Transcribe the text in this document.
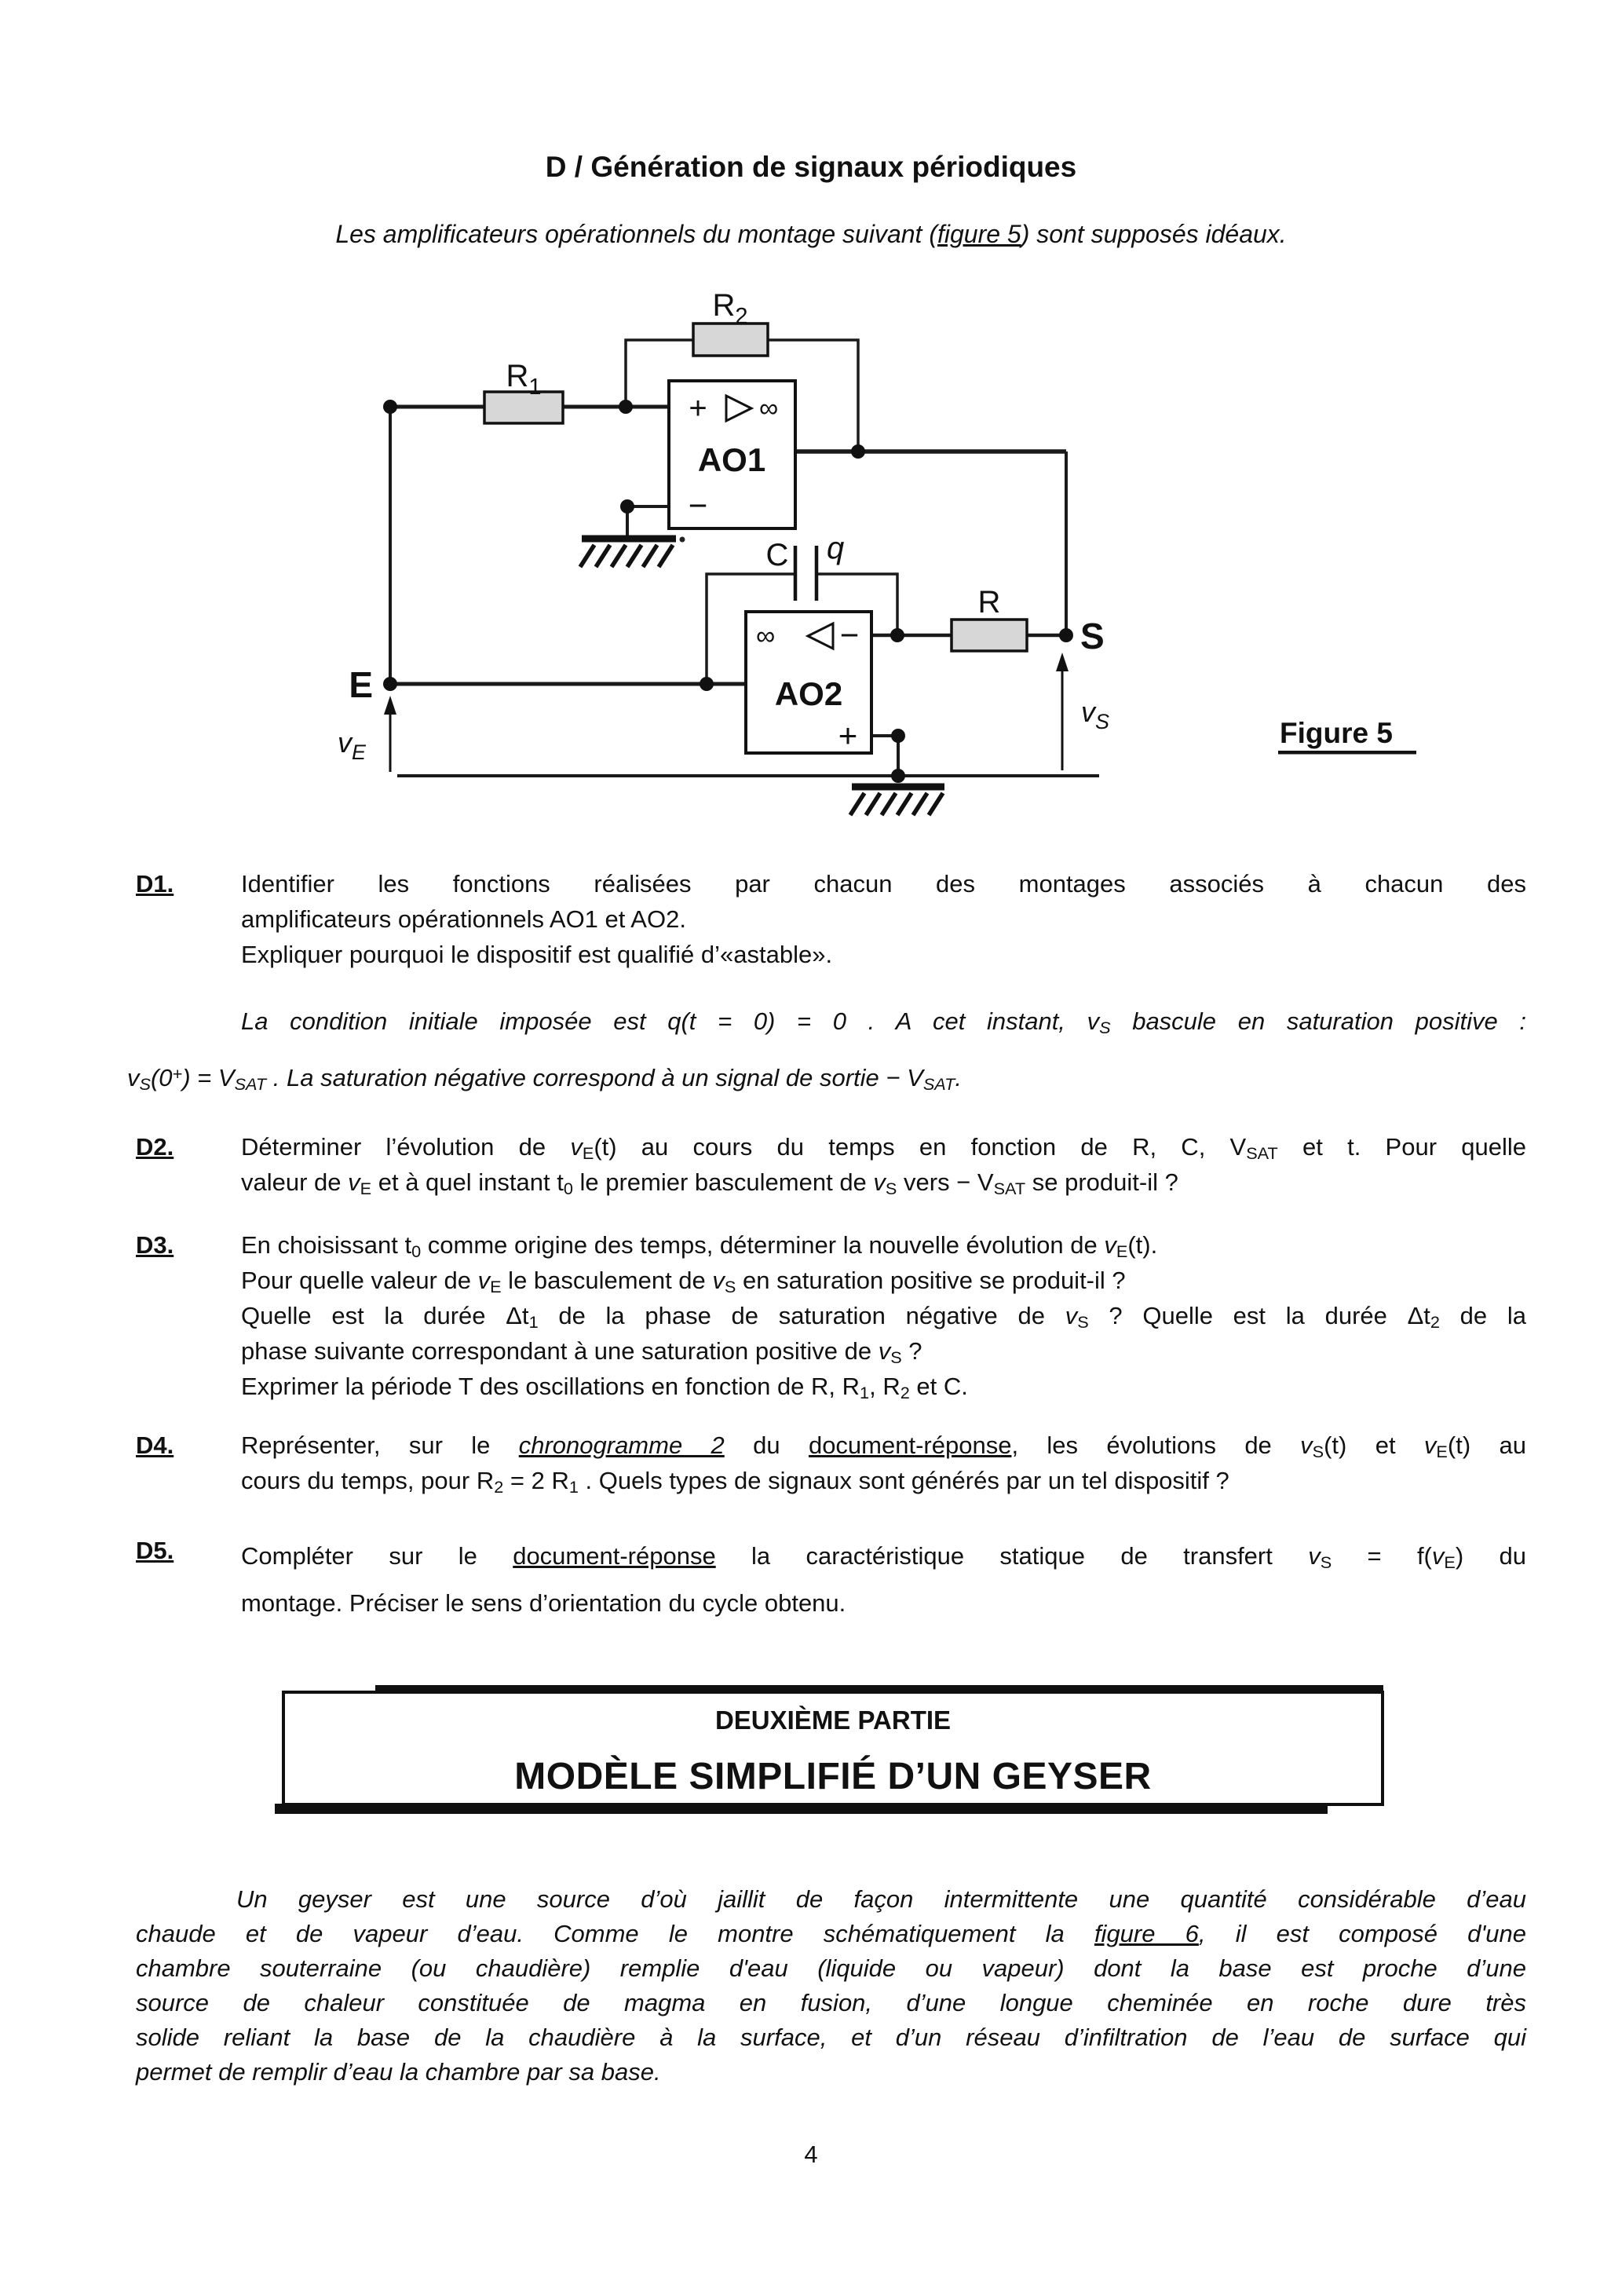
D / Génération de signaux périodiques
Les amplificateurs opérationnels du montage suivant (figure 5) sont supposés idéaux.
+ ∞
AO1
−
∞ −
AO2
+
$R_1$
$R_2$
R
C q
E
S
$v_E$
$v_S$	Figure 5
D1.	Identifier les fonctions réalisées par chacun des montages associés à chacun des
amplificateurs opérationnels AO1 et AO2.
Expliquer pourquoi le dispositif est qualifié d’«astable».
La condition initiale imposée est q(t = 0) = 0 . A cet instant, $v_S$ bascule en saturation positive :
$v_S(0^+) = V_{SAT}$ . La saturation négative correspond à un signal de sortie − $V_{SAT}$.
D2.	Déterminer l’évolution de $v_E(t)$ au cours du temps en fonction de R, C, $V_{SAT}$ et t. Pour quelle
valeur de $v_E$ et à quel instant $t_0$ le premier basculement de $v_S$ vers − $V_{SAT}$ se produit-il ?
D3.	En choisissant $t_0$ comme origine des temps, déterminer la nouvelle évolution de $v_E(t)$.
Pour quelle valeur de $v_E$ le basculement de $v_S$ en saturation positive se produit-il ?
Quelle est la durée $\Delta t_1$ de la phase de saturation négative de $v_S$ ? Quelle est la durée $\Delta t_2$ de la
phase suivante correspondant à une saturation positive de $v_S$ ?
Exprimer la période T des oscillations en fonction de R, $R_1$, $R_2$ et C.
D4.	Représenter, sur le chronogramme 2 du document-réponse, les évolutions de $v_S(t)$ et $v_E(t)$ au
cours du temps, pour $R_2 = 2$ $R_1$ . Quels types de signaux sont générés par un tel dispositif ?
D5.	Compléter sur le document-réponse la caractéristique statique de transfert $v_S = f(v_E)$ du
montage. Préciser le sens d’orientation du cycle obtenu.
DEUXIÈME PARTIE
MODÈLE SIMPLIFIÉ D’UN GEYSER
Un geyser est une source d’où jaillit de façon intermittente une quantité considérable d’eau
chaude et de vapeur d’eau. Comme le montre schématiquement la figure 6, il est composé d'une
chambre souterraine (ou chaudière) remplie d'eau (liquide ou vapeur) dont la base est proche d’une
source de chaleur constituée de magma en fusion, d’une longue cheminée en roche dure très
solide reliant la base de la chaudière à la surface, et d’un réseau d’infiltration de l’eau de surface qui
permet de remplir d’eau la chambre par sa base.
4
